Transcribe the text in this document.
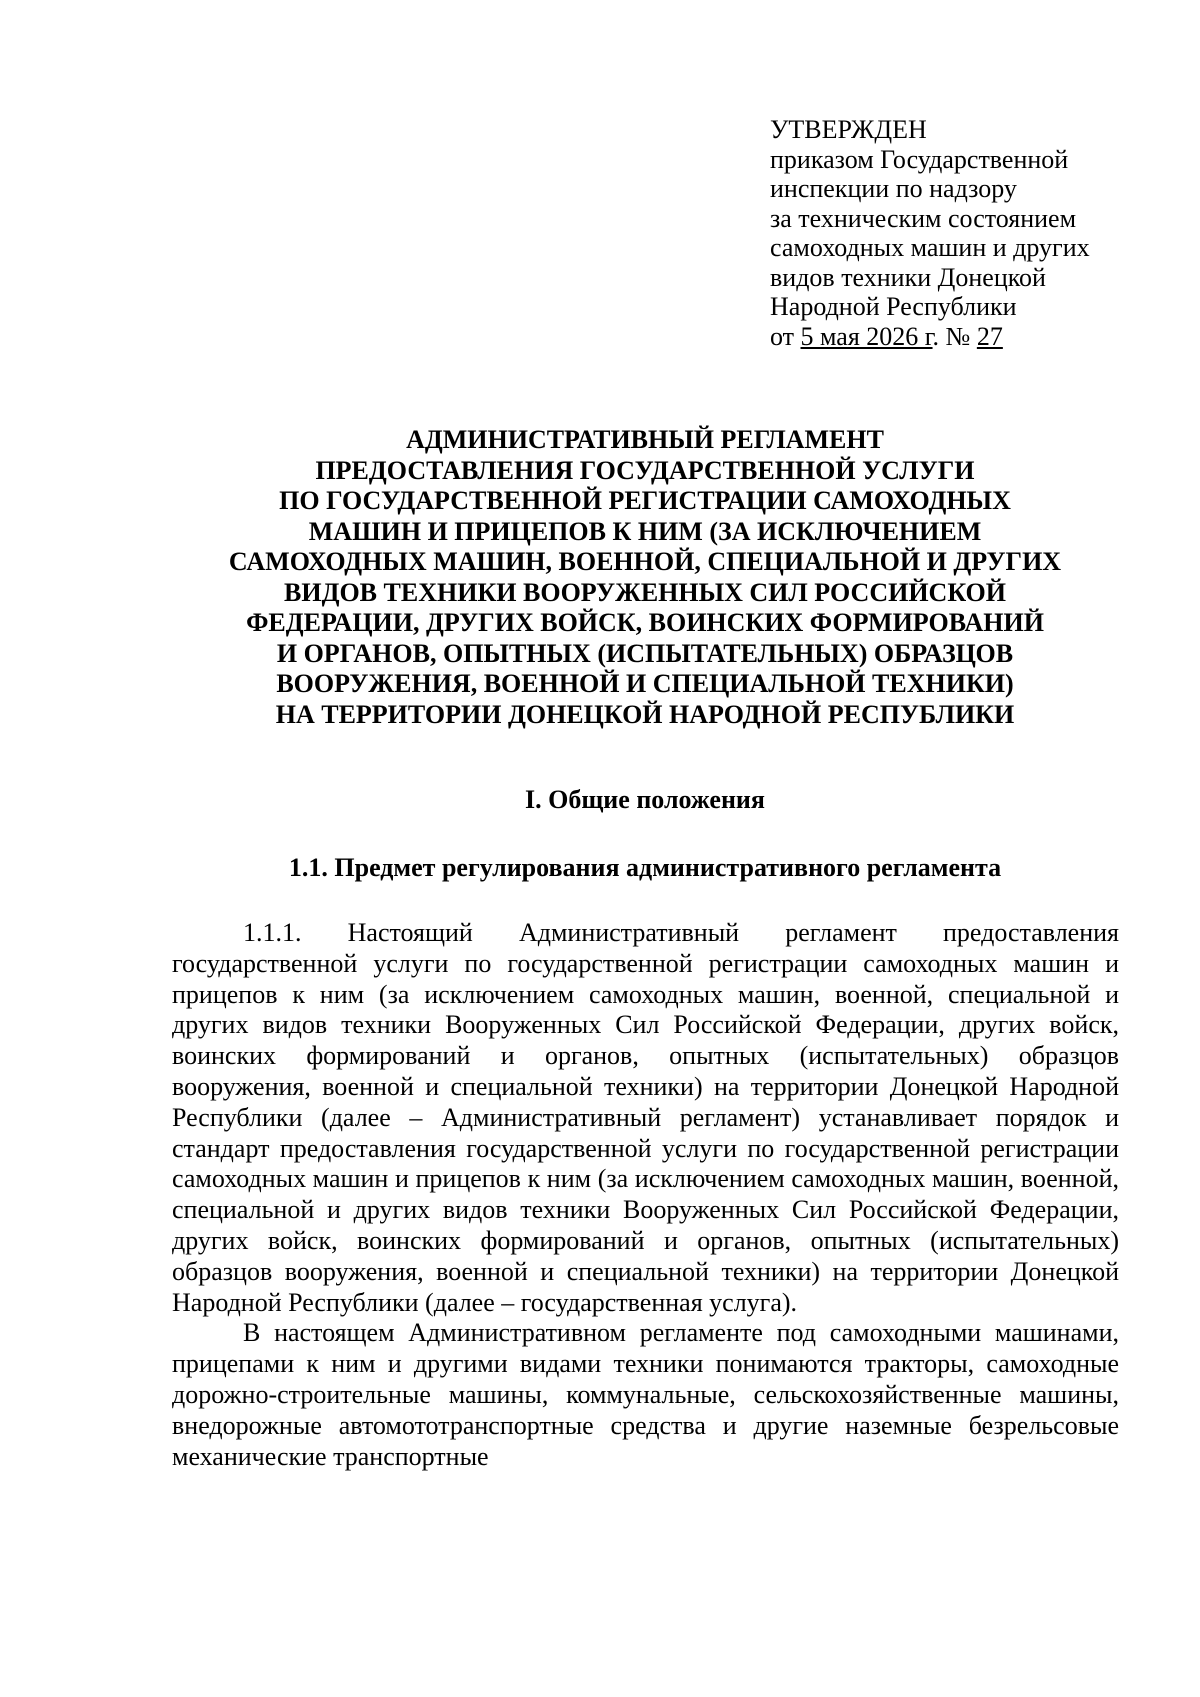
УТВЕРЖДЕН
приказом Государственной
инспекции по надзору
за техническим состоянием
самоходных машин и других
видов техники Донецкой
Народной Республики
от 5 мая 2026 г. № 27
АДМИНИСТРАТИВНЫЙ РЕГЛАМЕНТ
ПРЕДОСТАВЛЕНИЯ ГОСУДАРСТВЕННОЙ УСЛУГИ
ПО ГОСУДАРСТВЕННОЙ РЕГИСТРАЦИИ САМОХОДНЫХ
МАШИН И ПРИЦЕПОВ К НИМ (ЗА ИСКЛЮЧЕНИЕМ
САМОХОДНЫХ МАШИН, ВОЕННОЙ, СПЕЦИАЛЬНОЙ И ДРУГИХ
ВИДОВ ТЕХНИКИ ВООРУЖЕННЫХ СИЛ РОССИЙСКОЙ
ФЕДЕРАЦИИ, ДРУГИХ ВОЙСК, ВОИНСКИХ ФОРМИРОВАНИЙ
И ОРГАНОВ, ОПЫТНЫХ (ИСПЫТАТЕЛЬНЫХ) ОБРАЗЦОВ
ВООРУЖЕНИЯ, ВОЕННОЙ И СПЕЦИАЛЬНОЙ ТЕХНИКИ)
НА ТЕРРИТОРИИ ДОНЕЦКОЙ НАРОДНОЙ РЕСПУБЛИКИ
I. Общие положения
1.1. Предмет регулирования административного регламента

1.1.1. Настоящий Административный регламент предоставления государственной услуги по государственной регистрации самоходных машин и прицепов к ним (за исключением самоходных машин, военной, специальной и других видов техники Вооруженных Сил Российской Федерации, других войск, воинских формирований и органов, опытных (испытательных) образцов вооружения, военной и специальной техники) на территории Донецкой Народной Республики (далее – Административный регламент) устанавливает порядок и стандарт предоставления государственной услуги по государственной регистрации самоходных машин и прицепов к ним (за исключением самоходных машин, военной, специальной и других видов техники Вооруженных Сил Российской Федерации, других войск, воинских формирований и органов, опытных (испытательных) образцов вооружения, военной и специальной техники) на территории Донецкой Народной Республики (далее – государственная услуга).

В настоящем Административном регламенте под самоходными машинами, прицепами к ним и другими видами техники понимаются тракторы, самоходные дорожно-строительные машины, коммунальные, сельскохозяйственные машины, внедорожные автомототранспортные средства и другие наземные безрельсовые механические транспортные
